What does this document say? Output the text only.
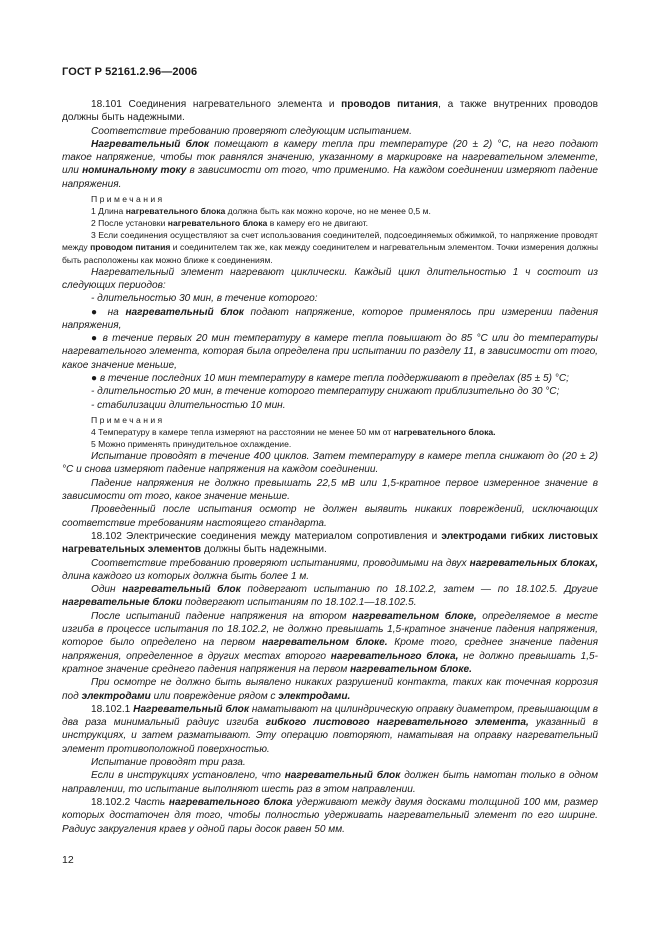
ГОСТ Р 52161.2.96—2006

18.101 Соединения нагревательного элемента и проводов питания, а также внутренних проводов должны быть надежными.

Соответствие требованию проверяют следующим испытанием.

Нагревательный блок помещают в камеру тепла при температуре (20 ± 2) °С, на него подают такое напряжение, чтобы ток равнялся значению, указанному в маркировке на нагревательном элементе, или номинальному току в зависимости от того, что применимо. На каждом соединении измеряют падение напряжения.

Примечания

1 Длина нагревательного блока должна быть как можно короче, но не менее 0,5 м.

2 После установки нагревательного блока в камеру его не двигают.

3 Если соединения осуществляют за счет использования соединителей, подсоединяемых обжимкой, то напряжение проводят между проводом питания и соединителем так же, как между соединителем и нагревательным элементом. Точки измерения должны быть расположены как можно ближе к соединениям.

Нагревательный элемент нагревают циклически. Каждый цикл длительностью 1 ч состоит из следующих периодов:

- длительностью 30 мин, в течение которого:

● на нагревательный блок подают напряжение, которое применялось при измерении падения напряжения,

● в течение первых 20 мин температуру в камере тепла повышают до 85 °С или до температуры нагревательного элемента, которая была определена при испытании по разделу 11, в зависимости от того, какое значение меньше,

● в течение последних 10 мин температуру в камере тепла поддерживают в пределах (85 ± 5) °С;

- длительностью 20 мин, в течение которого температуру снижают приблизительно до 30 °С;

- стабилизации длительностью 10 мин.

Примечания

4 Температуру в камере тепла измеряют на расстоянии не менее 50 мм от нагревательного блока.

5 Можно применять принудительное охлаждение.

Испытание проводят в течение 400 циклов. Затем температуру в камере тепла снижают до (20 ± 2) °С и снова измеряют падение напряжения на каждом соединении.

Падение напряжения не должно превышать 22,5 мВ или 1,5-кратное первое измеренное значение в зависимости от того, какое значение меньше.

Проведенный после испытания осмотр не должен выявить никаких повреждений, исключающих соответствие требованиям настоящего стандарта.

18.102 Электрические соединения между материалом сопротивления и электродами гибких листовых нагревательных элементов должны быть надежными.

Соответствие требованию проверяют испытаниями, проводимыми на двух нагревательных блоках, длина каждого из которых должна быть более 1 м.

Один нагревательный блок подвергают испытанию по 18.102.2, затем — по 18.102.5. Другие нагревательные блоки подвергают испытаниям по 18.102.1—18.102.5.

После испытаний падение напряжения на втором нагревательном блоке, определяемое в месте изгиба в процессе испытания по 18.102.2, не должно превышать 1,5-кратное значение падения напряжения, которое было определено на первом нагревательном блоке. Кроме того, среднее значение падения напряжения, определенное в других местах второго нагревательного блока, не должно превышать 1,5-кратное значение среднего падения напряжения на первом нагревательном блоке.

При осмотре не должно быть выявлено никаких разрушений контакта, таких как точечная коррозия под электродами или повреждение рядом с электродами.

18.102.1 Нагревательный блок наматывают на цилиндрическую оправку диаметром, превышающим в два раза минимальный радиус изгиба гибкого листового нагревательного элемента, указанный в инструкциях, и затем разматывают. Эту операцию повторяют, наматывая на оправку нагревательный элемент противоположной поверхностью.

Испытание проводят три раза.

Если в инструкциях установлено, что нагревательный блок должен быть намотан только в одном направлении, то испытание выполняют шесть раз в этом направлении.

18.102.2 Часть нагревательного блока удерживают между двумя досками толщиной 100 мм, размер которых достаточен для того, чтобы полностью удерживать нагревательный элемент по его ширине. Радиус закругления краев у одной пары досок равен 50 мм.

12
